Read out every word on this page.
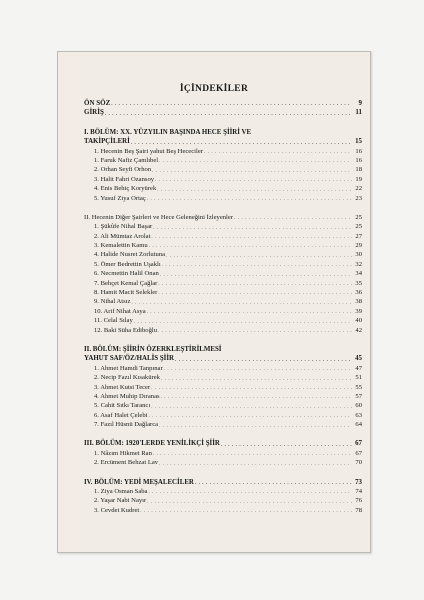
İÇİNDEKİLER
ÖN SÖZ . . .	9
GİRİŞ . . .	11
I. BÖLÜM: XX. YÜZYILIN BAŞINDA HECE ŞİİRİ VE
TAKİPÇİLERİ . . .	15
1. Hecenin Beş Şairi yahut Beş Hececiler . . .	16
1. Faruk Nafiz Çamlıbel . . .	16
2. Orhan Seyfi Orhon . . .	18
3. Halit Fahri Ozansoy . . .	19
4. Enis Behiç Koryürek . . .	22
5. Yusuf Ziya Ortaç . . .	23
II. Hecenin Diğer Şairleri ve Hece Geleneğini İzleyenler . . .	25
1. Şükûfe Nihal Başar . . .	25
2. Ali Mümtaz Arolat . . .	27
3. Kemalettin Kamu . . .	29
4. Halide Nusret Zorlutuna . . .	30
5. Ömer Bedrettin Uşaklı . . .	32
6. Necmettin Halil Onan . . .	34
7. Behçet Kemal Çağlar . . .	35
8. Hamit Macit Selekler . . .	36
9. Nihal Atsız . . .	38
10. Arif Nihat Asya . . .	39
11. Celal Sılay . . .	40
12. Baki Süha Ediboğlu . . .	42
II. BÖLÜM: ŞİİRİN ÖZERKLEŞTİRİLMESİ
YAHUT SAF/ÖZ/HALİS ŞİİR . . .	45
1. Ahmet Hamdi Tanpınar . . .	47
2. Necip Fazıl Kısakürek . . .	51
3. Ahmet Kutsi Tecer . . .	55
4. Ahmet Muhip Dıranas . . .	57
5. Cahit Sıtkı Tarancı . . .	60
6. Asaf Halet Çelebi . . .	63
7. Fazıl Hüsnü Dağlarca . . .	64
III. BÖLÜM: 1920'LERDE YENİLİKÇİ ŞİİR . . .	67
1. Nâzım Hikmet Ran . . .	67
2. Ercüment Behzat Lav . . .	70
IV. BÖLÜM: YEDİ MEŞALECİLER . . .	73
1. Ziya Osman Saba . . .	74
2. Yaşar Nabi Nayır . . .	76
3. Cevdet Kudret . . .	78
